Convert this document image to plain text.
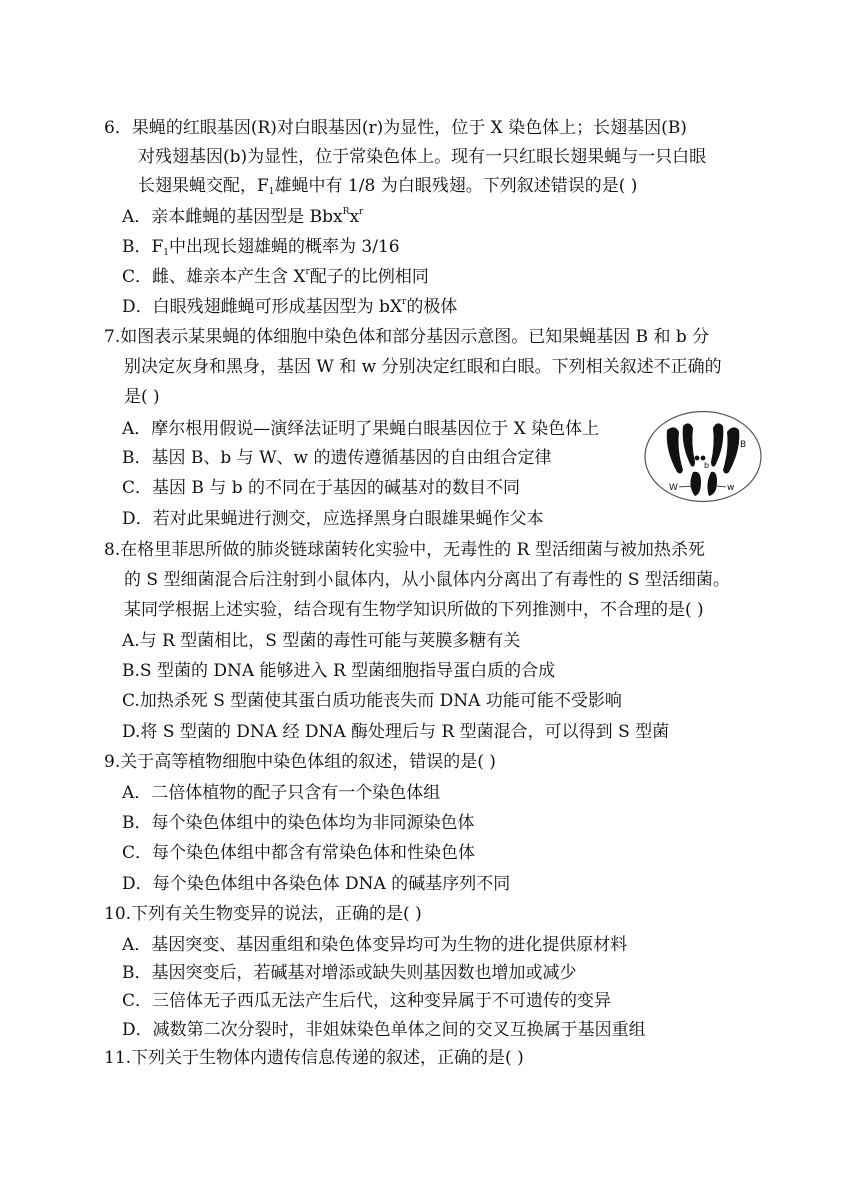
6．果蝇的红眼基因(R)对白眼基因(r)为显性，位于 X 染色体上；长翅基因(B)
对残翅基因(b)为显性，位于常染色体上。现有一只红眼长翅果蝇与一只白眼
长翅果蝇交配，$F_1$雄蝇中有 1/8 为白眼残翅。下列叙述错误的是( )
A．亲本雌蝇的基因型是 $Bbx^Rx^r$
B．$F_1$中出现长翅雄蝇的概率为 3/16
C．雌、雄亲本产生含 $X^r$配子的比例相同
D．白眼残翅雌蝇可形成基因型为 $bX^r$的极体
7.如图表示某果蝇的体细胞中染色体和部分基因示意图。已知果蝇基因 B 和 b 分
别决定灰身和黑身，基因 W 和 w 分别决定红眼和白眼。下列相关叙述不正确的
是( )
A．摩尔根用假说—演绎法证明了果蝇白眼基因位于 X 染色体上
B．基因 B、b 与 W、w 的遗传遵循基因的自由组合定律
C．基因 B 与 b 的不同在于基因的碱基对的数目不同
D．若对此果蝇进行测交，应选择黑身白眼雄果蝇作父本
B
b
W	w
8.在格里菲思所做的肺炎链球菌转化实验中，无毒性的 R 型活细菌与被加热杀死
的 S 型细菌混合后注射到小鼠体内，从小鼠体内分离出了有毒性的 S 型活细菌。
某同学根据上述实验，结合现有生物学知识所做的下列推测中，不合理的是( )
A.与 R 型菌相比，S 型菌的毒性可能与荚膜多糖有关
B.S 型菌的 DNA 能够进入 R 型菌细胞指导蛋白质的合成
C.加热杀死 S 型菌使其蛋白质功能丧失而 DNA 功能可能不受影响
D.将 S 型菌的 DNA 经 DNA 酶处理后与 R 型菌混合，可以得到 S 型菌
9.关于高等植物细胞中染色体组的叙述，错误的是( )
A．二倍体植物的配子只含有一个染色体组
B．每个染色体组中的染色体均为非同源染色体
C．每个染色体组中都含有常染色体和性染色体
D．每个染色体组中各染色体 DNA 的碱基序列不同
10.下列有关生物变异的说法，正确的是( )
A．基因突变、基因重组和染色体变异均可为生物的进化提供原材料
B．基因突变后，若碱基对增添或缺失则基因数也增加或减少
C．三倍体无子西瓜无法产生后代，这种变异属于不可遗传的变异
D．减数第二次分裂时，非姐妹染色单体之间的交叉互换属于基因重组
11.下列关于生物体内遗传信息传递的叙述，正确的是( )
